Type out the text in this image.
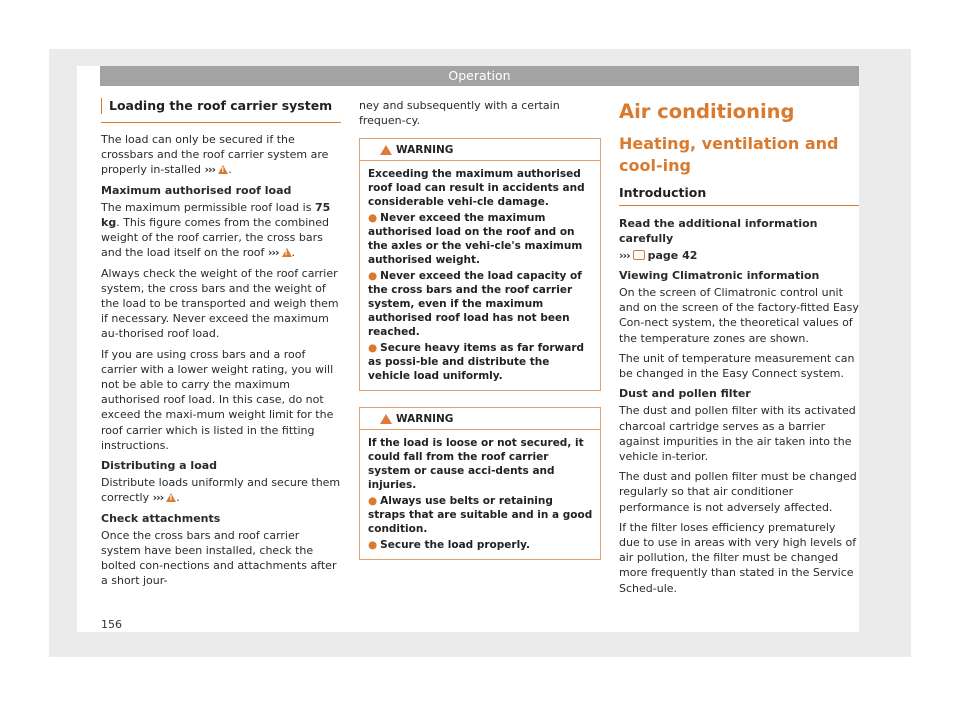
Operation
Loading the roof carrier system

The load can only be secured if the crossbars and the roof carrier system are properly in-stalled ››› ! .

Maximum authorised roof load

The maximum permissible roof load is 75 kg. This figure comes from the combined weight of the roof carrier, the cross bars and the load itself on the roof ››› ! .

Always check the weight of the roof carrier system, the cross bars and the weight of the load to be transported and weigh them if necessary. Never exceed the maximum au-thorised roof load.

If you are using cross bars and a roof carrier with a lower weight rating, you will not be able to carry the maximum authorised roof load. In this case, do not exceed the maxi-mum weight limit for the roof carrier which is listed in the fitting instructions.

Distributing a load

Distribute loads uniformly and secure them correctly ››› ! .

Check attachments

Once the cross bars and roof carrier system have been installed, check the bolted con-nections and attachments after a short jour-

ney and subsequently with a certain frequen-cy.

WARNING
Exceeding the maximum authorised roof load can result in accidents and considerable vehi-cle damage.
● Never exceed the maximum authorised load on the roof and on the axles or the vehi-cle's maximum authorised weight.
● Never exceed the load capacity of the cross bars and the roof carrier system, even if the maximum authorised roof load has not been reached.
● Secure heavy items as far forward as possi-ble and distribute the vehicle load uniformly.
WARNING
If the load is loose or not secured, it could fall from the roof carrier system or cause acci-dents and injuries.
● Always use belts or retaining straps that are suitable and in a good condition.
● Secure the load properly.
Air conditioning
Heating, ventilation and cool-ing
Introduction

Read the additional information carefully

››› page 42

Viewing Climatronic information

On the screen of Climatronic control unit and on the screen of the factory-fitted Easy Con-nect system, the theoretical values of the temperature zones are shown.

The unit of temperature measurement can be changed in the Easy Connect system.

Dust and pollen filter

The dust and pollen filter with its activated charcoal cartridge serves as a barrier against impurities in the air taken into the vehicle in-terior.

The dust and pollen filter must be changed regularly so that air conditioner performance is not adversely affected.

If the filter loses efficiency prematurely due to use in areas with very high levels of air pollution, the filter must be changed more frequently than stated in the Service Sched-ule.

156
